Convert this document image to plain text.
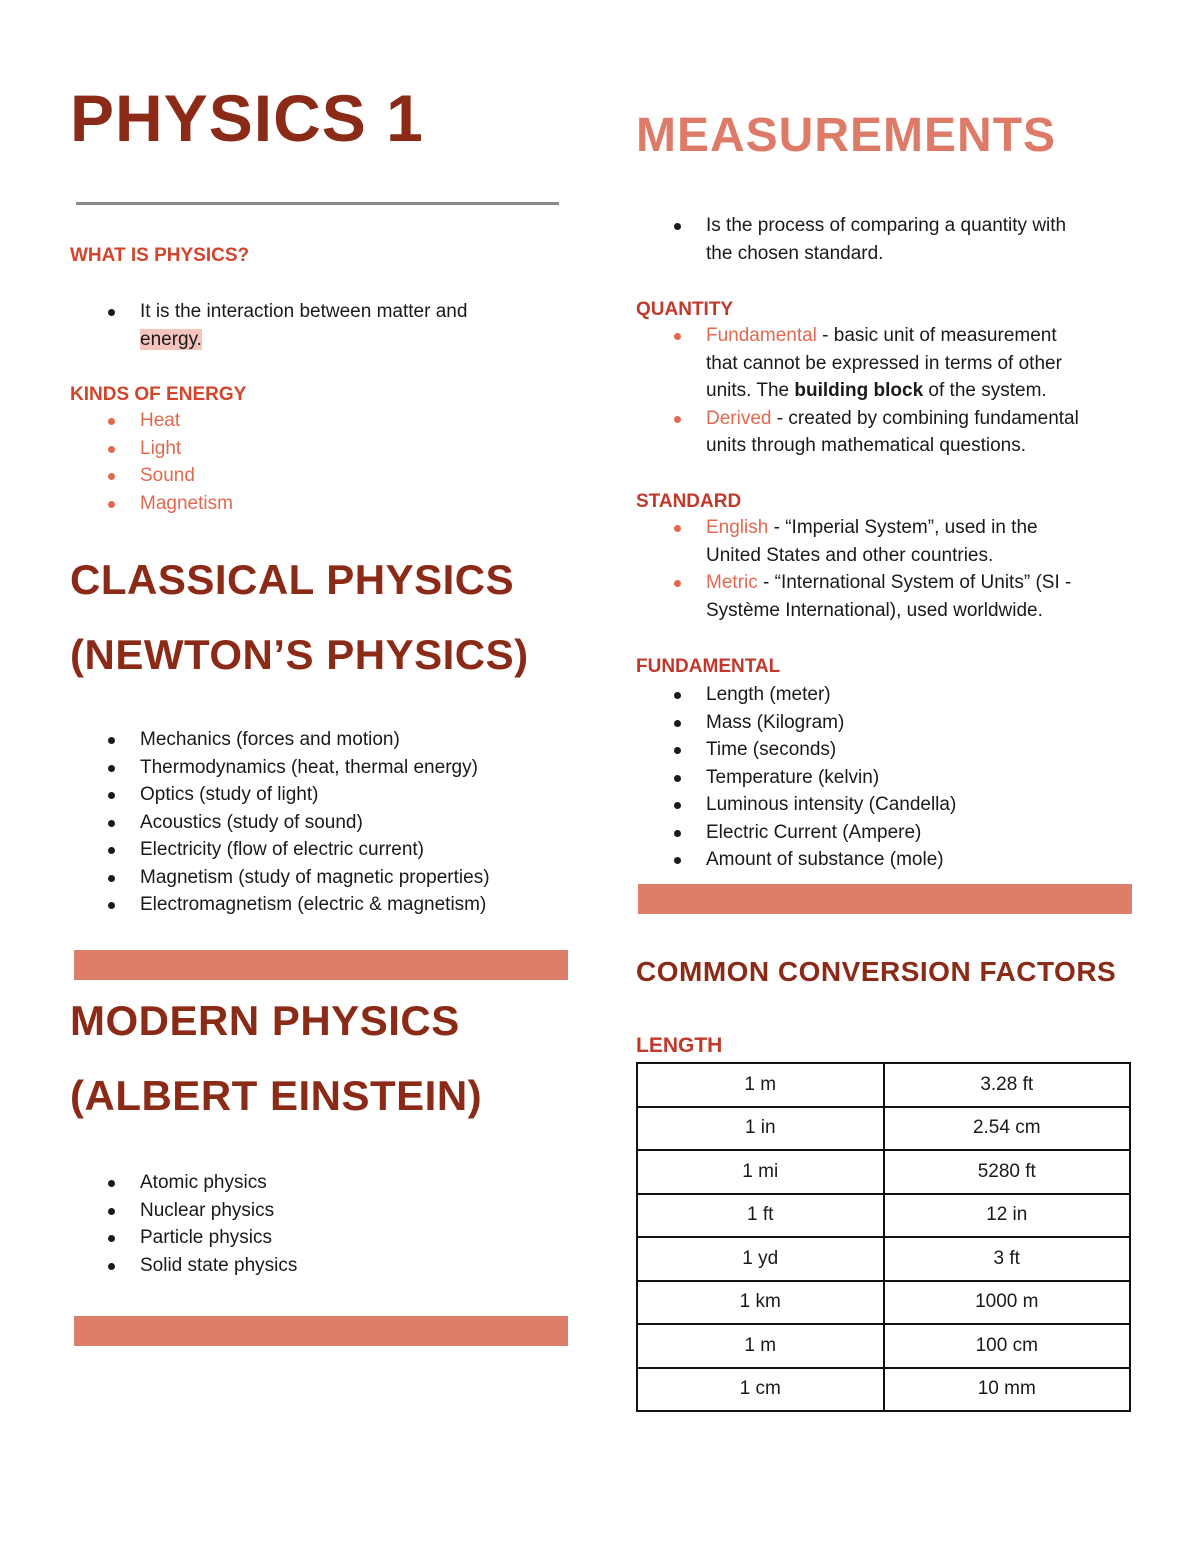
PHYSICS 1
WHAT IS PHYSICS?
It is the interaction between matter and
energy.
KINDS OF ENERGY
Heat
Light
Sound
Magnetism
CLASSICAL PHYSICS
(NEWTON’S PHYSICS)
Mechanics (forces and motion)
Thermodynamics (heat, thermal energy)
Optics (study of light)
Acoustics (study of sound)
Electricity (flow of electric current)
Magnetism (study of magnetic properties)
Electromagnetism (electric & magnetism)
MODERN PHYSICS
(ALBERT EINSTEIN)
Atomic physics
Nuclear physics
Particle physics
Solid state physics
MEASUREMENTS
Is the process of comparing a quantity with
the chosen standard.
QUANTITY
Fundamental - basic unit of measurement
that cannot be expressed in terms of other
units. The building block of the system.
Derived - created by combining fundamental
units through mathematical questions.
STANDARD
English - “Imperial System”, used in the
United States and other countries.
Metric - “International System of Units” (SI -
Système International), used worldwide.
FUNDAMENTAL
Length (meter)
Mass (Kilogram)
Time (seconds)
Temperature (kelvin)
Luminous intensity (Candella)
Electric Current (Ampere)
Amount of substance (mole)
COMMON CONVERSION FACTORS
LENGTH
1 m	3.28 ft
1 in	2.54 cm
1 mi	5280 ft
1 ft	12 in
1 yd	3 ft
1 km	1000 m
1 m	100 cm
1 cm	10 mm
